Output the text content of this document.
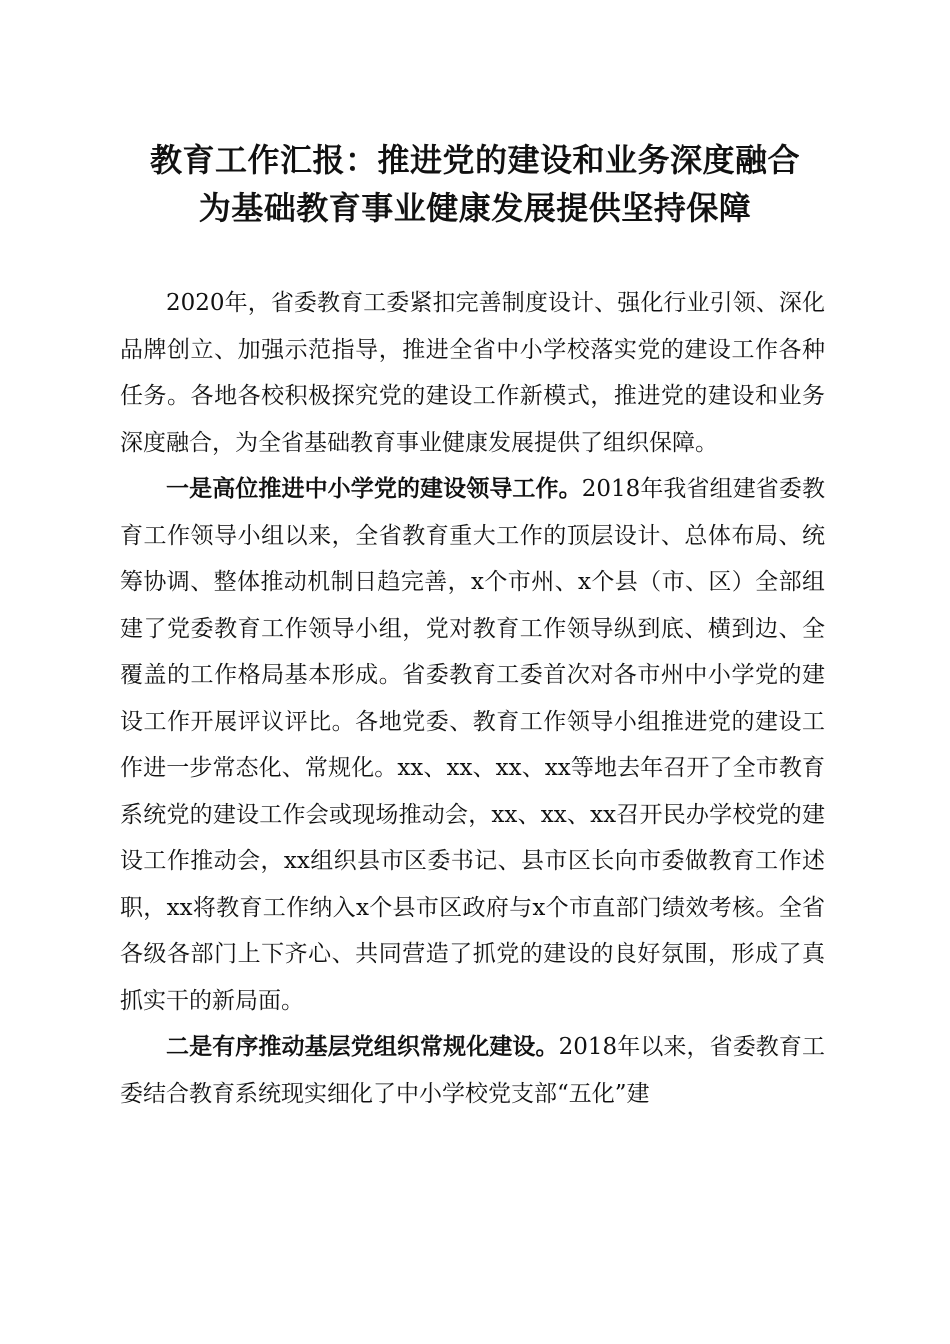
教育工作汇报：推进党的建设和业务深度融合
为基础教育事业健康发展提供坚持保障

2020年，省委教育工委紧扣完善制度设计、强化行业引领、深化品牌创立、加强示范指导，推进全省中小学校落实党的建设工作各种任务。各地各校积极探究党的建设工作新模式，推进党的建设和业务深度融合，为全省基础教育事业健康发展提供了组织保障。

一是高位推进中小学党的建设领导工作。2018年我省组建省委教育工作领导小组以来，全省教育重大工作的顶层设计、总体布局、统筹协调、整体推动机制日趋完善，x个市州、x个县（市、区）全部组建了党委教育工作领导小组，党对教育工作领导纵到底、横到边、全覆盖的工作格局基本形成。省委教育工委首次对各市州中小学党的建设工作开展评议评比。各地党委、教育工作领导小组推进党的建设工作进一步常态化、常规化。xx、xx、xx、xx等地去年召开了全市教育系统党的建设工作会或现场推动会，xx、xx、xx召开民办学校党的建设工作推动会，xx组织县市区委书记、县市区长向市委做教育工作述职，xx将教育工作纳入x个县市区政府与x个市直部门绩效考核。全省各级各部门上下齐心、共同营造了抓党的建设的良好氛围，形成了真抓实干的新局面。

二是有序推动基层党组织常规化建设。2018年以来，省委教育工委结合教育系统现实细化了中小学校党支部“五化”建
